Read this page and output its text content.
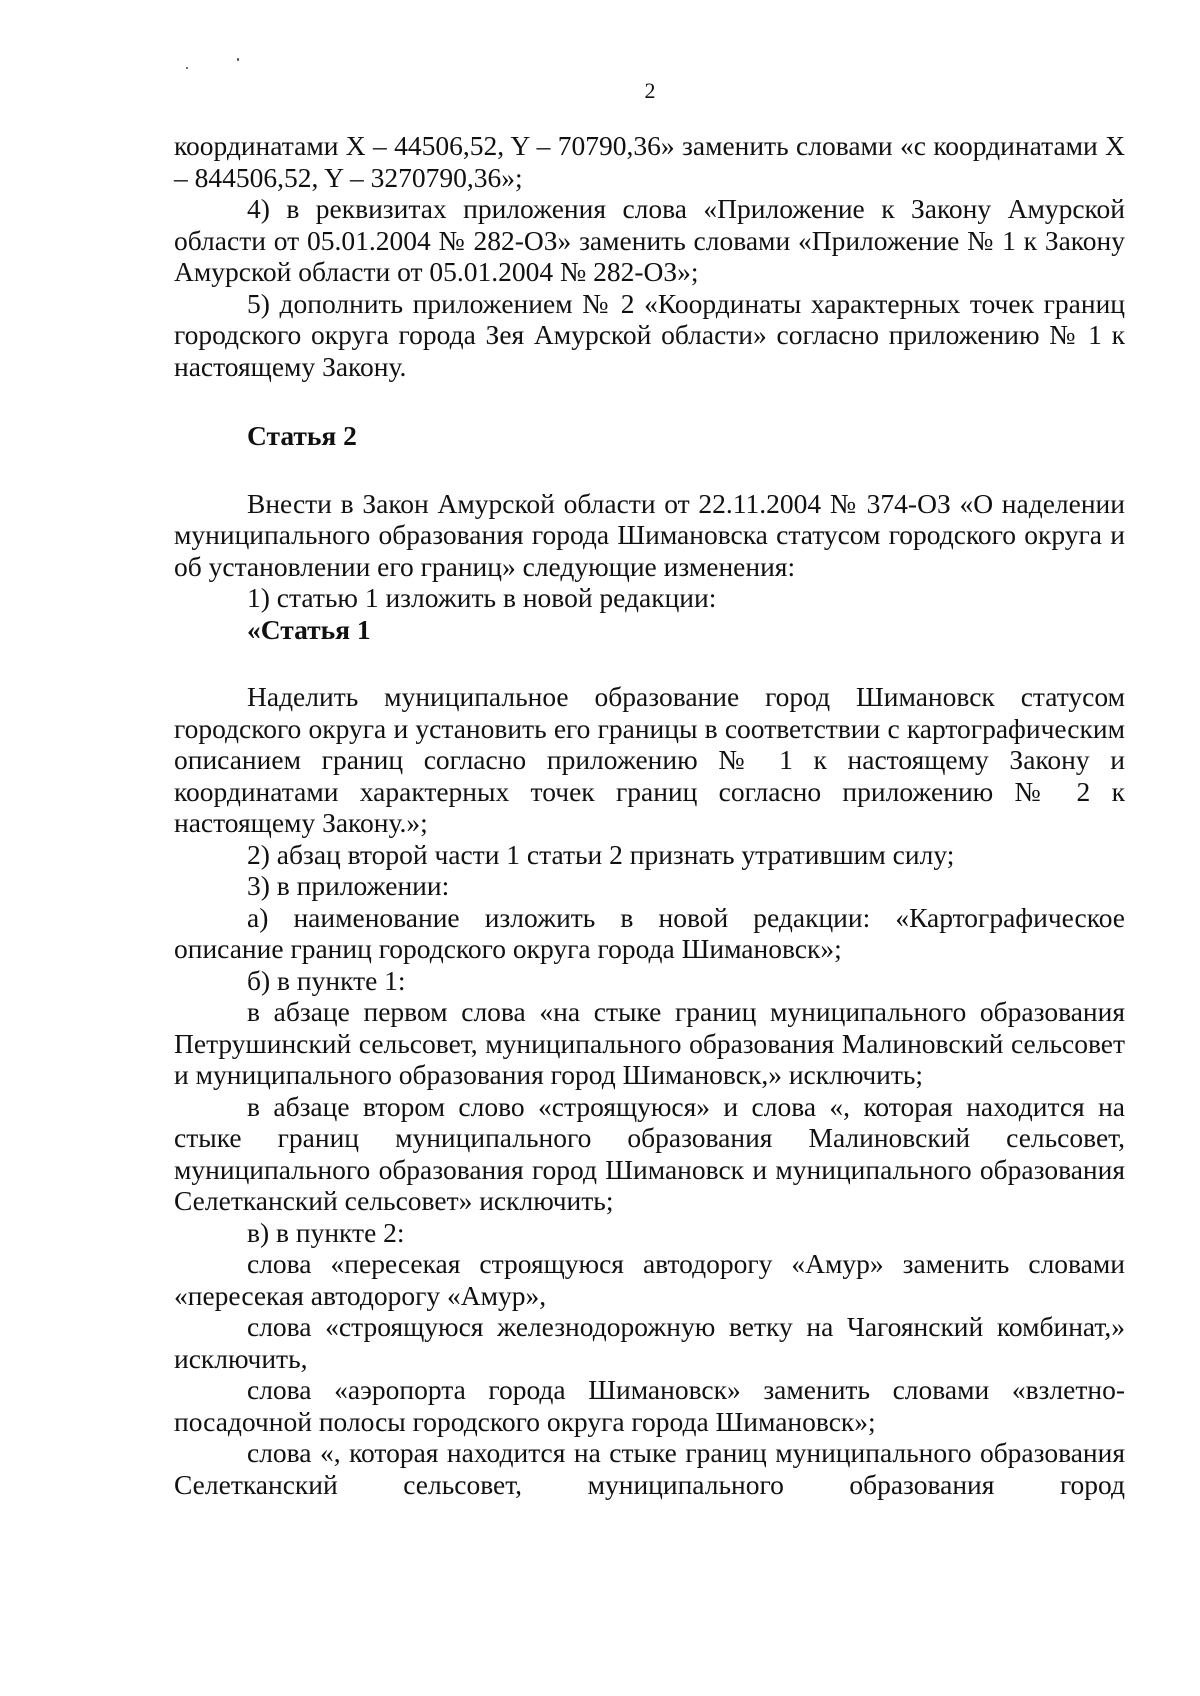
2

координатами X – 44506,52, Y – 70790,36» заменить словами «с координатами X – 844506,52, Y – 3270790,36»;

4) в реквизитах приложения слова «Приложение к Закону Амурской области от 05.01.2004 № 282-ОЗ» заменить словами «Приложение № 1 к Закону Амурской области от 05.01.2004 № 282-ОЗ»;

5) дополнить приложением № 2 «Координаты характерных точек границ городского округа города Зея Амурской области» согласно приложению № 1 к настоящему Закону.

Статья 2

Внести в Закон Амурской области от 22.11.2004 № 374-ОЗ «О наделении муниципального образования города Шимановска статусом городского округа и об установлении его границ» следующие изменения:

1) статью 1 изложить в новой редакции:

«Статья 1

Наделить муниципальное образование город Шимановск статусом городского округа и установить его границы в соответствии с картографическим описанием границ согласно приложению № 1 к настоящему Закону и координатами характерных точек границ согласно приложению № 2 к настоящему Закону.»;

2) абзац второй части 1 статьи 2 признать утратившим силу;

3) в приложении:

а) наименование изложить в новой редакции: «Картографическое описание границ городского округа города Шимановск»;

б) в пункте 1:

в абзаце первом слова «на стыке границ муниципального образования Петрушинский сельсовет, муниципального образования Малиновский сельсовет и муниципального образования город Шимановск,» исключить;

в абзаце втором слово «строящуюся» и слова «, которая находится на стыке границ муниципального образования Малиновский сельсовет, муниципального образования город Шимановск и муниципального образования Селетканский сельсовет» исключить;

в) в пункте 2:

слова «пересекая строящуюся автодорогу «Амур» заменить словами «пересекая автодорогу «Амур»,

слова «строящуюся железнодорожную ветку на Чагоянский комбинат,» исключить,

слова «аэропорта города Шимановск» заменить словами «взлетно-посадочной полосы городского округа города Шимановск»;

слова «, которая находится на стыке границ муниципального образования Селетканский сельсовет, муниципального образования город
